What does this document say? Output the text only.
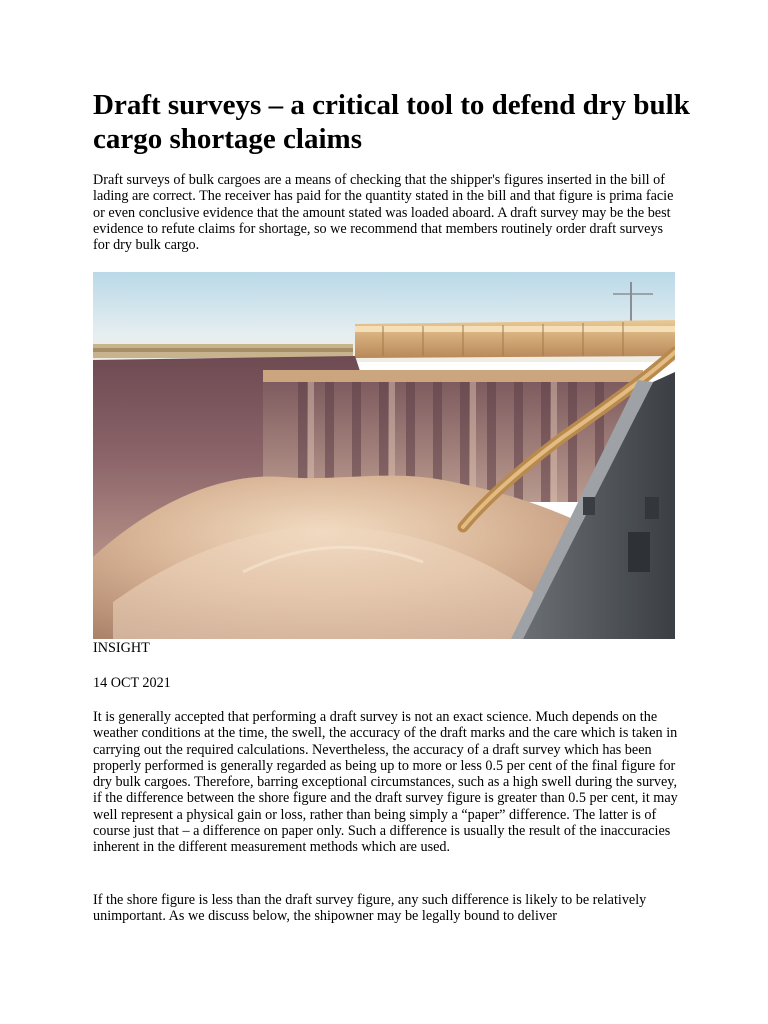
Draft surveys – a critical tool to defend dry bulk cargo shortage claims

Draft surveys of bulk cargoes are a means of checking that the shipper's figures inserted in the bill of lading are correct. The receiver has paid for the quantity stated in the bill and that figure is prima facie or even conclusive evidence that the amount stated was loaded aboard. A draft survey may be the best evidence to refute claims for shortage, so we recommend that members routinely order draft surveys for dry bulk cargo.

INSIGHT

14 OCT 2021

It is generally accepted that performing a draft survey is not an exact science. Much depends on the weather conditions at the time, the swell, the accuracy of the draft marks and the care which is taken in carrying out the required calculations. Nevertheless, the accuracy of a draft survey which has been properly performed is generally regarded as being up to more or less 0.5 per cent of the final figure for dry bulk cargoes. Therefore, barring exceptional circumstances, such as a high swell during the survey, if the difference between the shore figure and the draft survey figure is greater than 0.5 per cent, it may well represent a physical gain or loss, rather than being simply a “paper” difference. The latter is of course just that – a difference on paper only. Such a difference is usually the result of the inaccuracies inherent in the different measurement methods which are used.

If the shore figure is less than the draft survey figure, any such difference is likely to be relatively unimportant. As we discuss below, the shipowner may be legally bound to deliver
